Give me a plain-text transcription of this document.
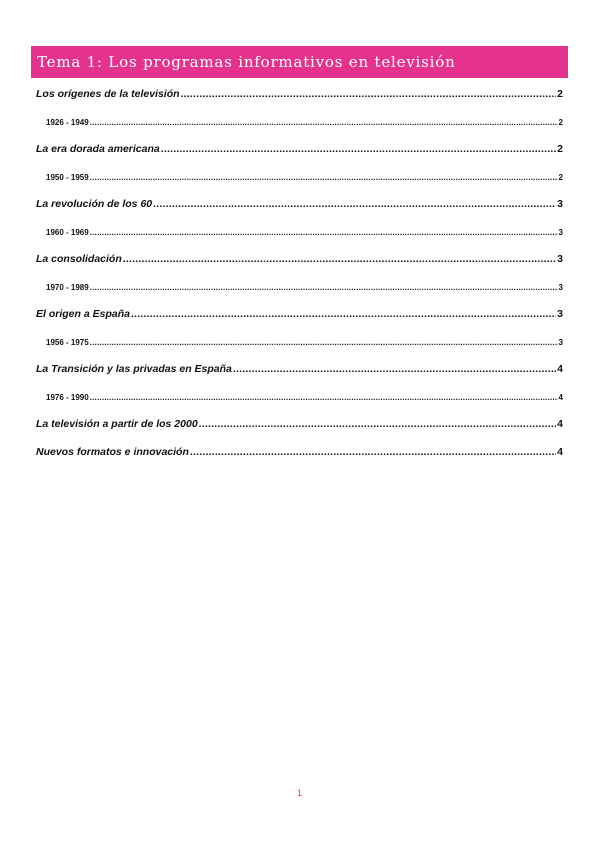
Tema 1: Los programas informativos en televisión
Los orígenes de la televisión .....	2
1926 - 1949 .....	2
La era dorada americana .....	2
1950 - 1959 .....	2
La revolución de los 60 .....	3
1960 - 1969 .....	3
La consolidación .....	3
1970 - 1989 .....	3
El origen a España .....	3
1956 - 1975 .....	3
La Transición y las privadas en España .....	4
1976 - 1990 .....	4
La televisión a partir de los 2000 .....	4
Nuevos formatos e innovación .....	4
1
